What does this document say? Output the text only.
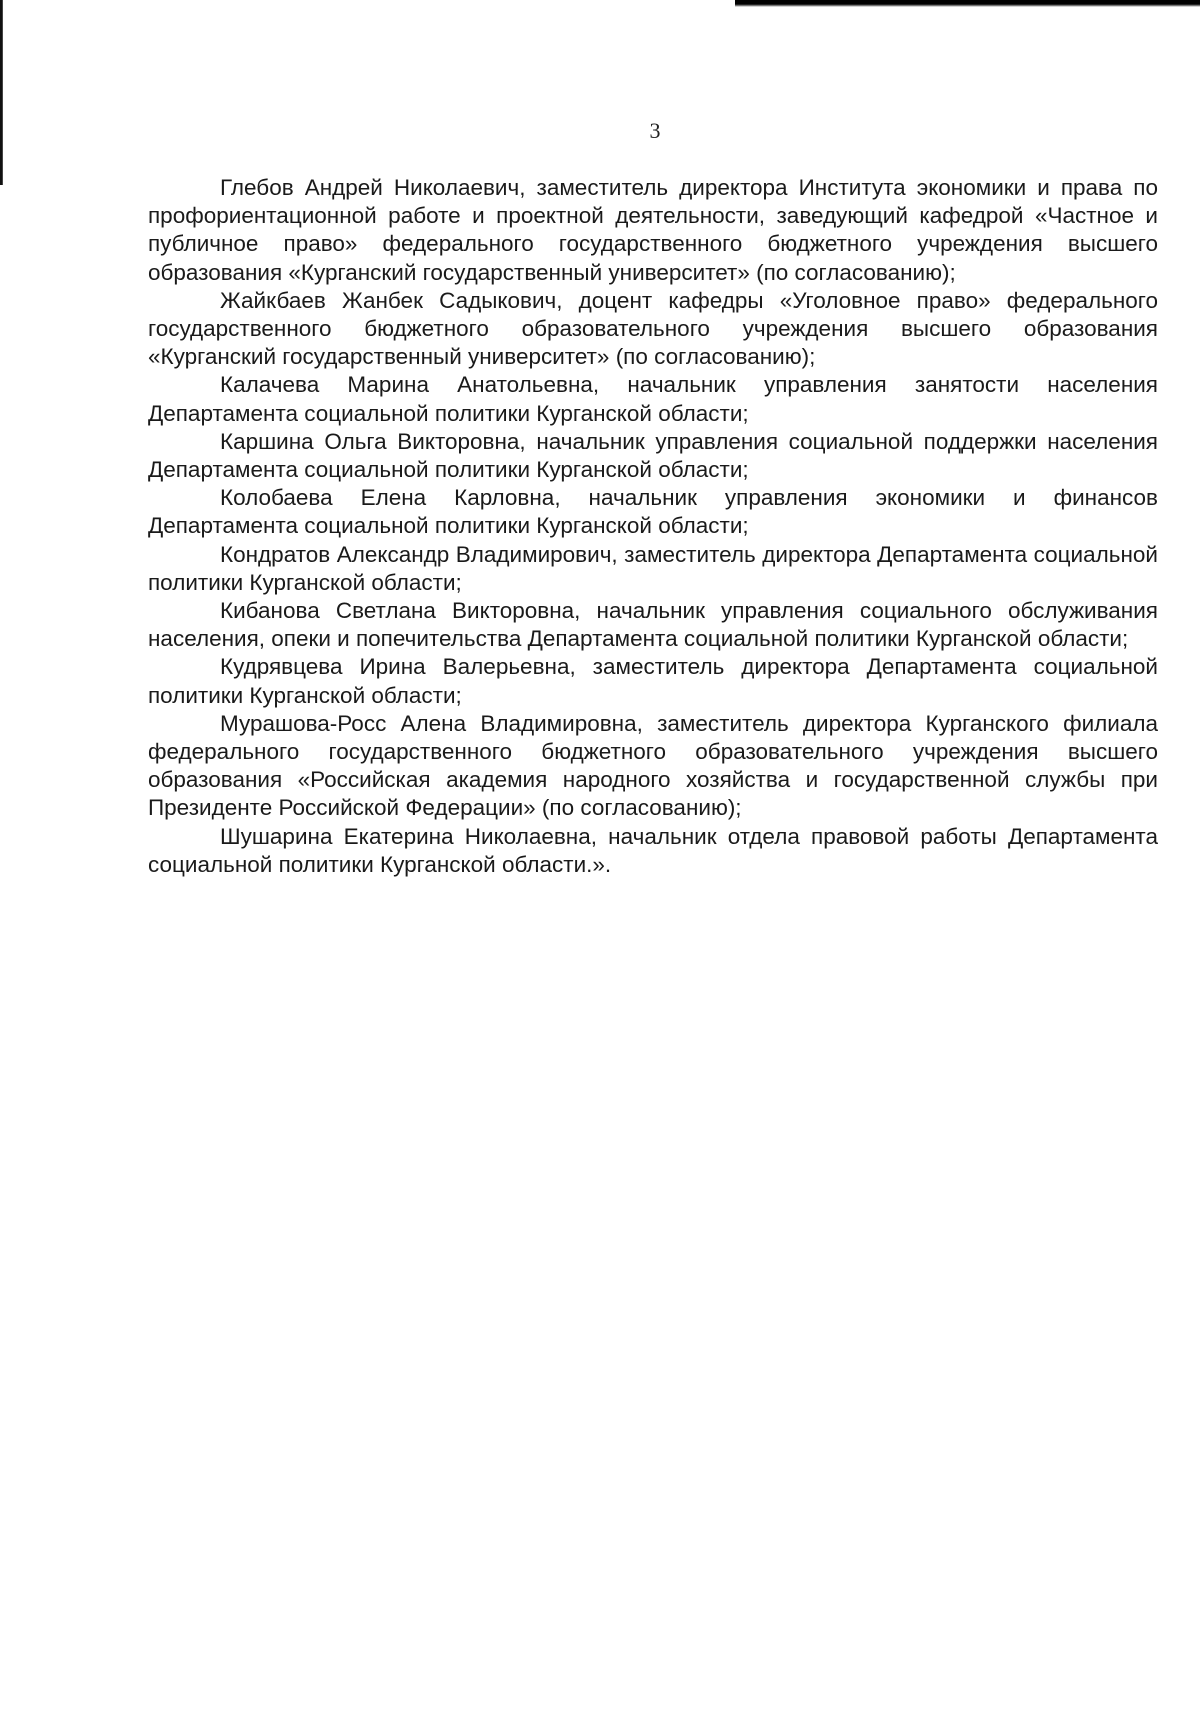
3

Глебов Андрей Николаевич, заместитель директора Института экономики и права по профориентационной работе и проектной деятельности, заведующий кафедрой «Частное и публичное право» федерального государственного бюджетного учреждения высшего образования «Курганский государственный университет» (по согласованию);

Жайкбаев Жанбек Садыкович, доцент кафедры «Уголовное право» федерального государственного бюджетного образовательного учреждения высшего образования «Курганский государственный университет» (по согласованию);

Калачева Марина Анатольевна, начальник управления занятости населения Департамента социальной политики Курганской области;

Каршина Ольга Викторовна, начальник управления социальной поддержки населения Департамента социальной политики Курганской области;

Колобаева Елена Карловна, начальник управления экономики и финансов Департамента социальной политики Курганской области;

Кондратов Александр Владимирович, заместитель директора Департамента социальной политики Курганской области;

Кибанова Светлана Викторовна, начальник управления социального обслуживания населения, опеки и попечительства Департамента социальной политики Курганской области;

Кудрявцева Ирина Валерьевна, заместитель директора Департамента социальной политики Курганской области;

Мурашова-Росс Алена Владимировна, заместитель директора Курганского филиала федерального государственного бюджетного образовательного учреждения высшего образования «Российская академия народного хозяйства и государственной службы при Президенте Российской Федерации» (по согласованию);

Шушарина Екатерина Николаевна, начальник отдела правовой работы Департамента социальной политики Курганской области.».
